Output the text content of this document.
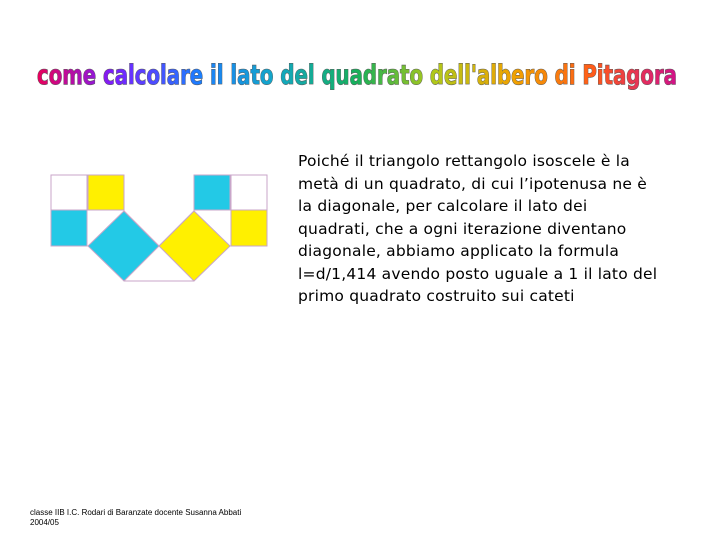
come calcolare il lato del quadrato dell'albero di Pitagora
Poiché il triangolo rettangolo isoscele è la
metà di un quadrato, di cui l’ipotenusa ne è
la diagonale, per calcolare il lato dei
quadrati, che a ogni iterazione diventano
diagonale, abbiamo applicato la formula
l=d/1,414 avendo posto uguale a 1 il lato del
primo quadrato costruito sui cateti
classe IIB I.C. Rodari di Baranzate docente Susanna Abbati
2004/05
